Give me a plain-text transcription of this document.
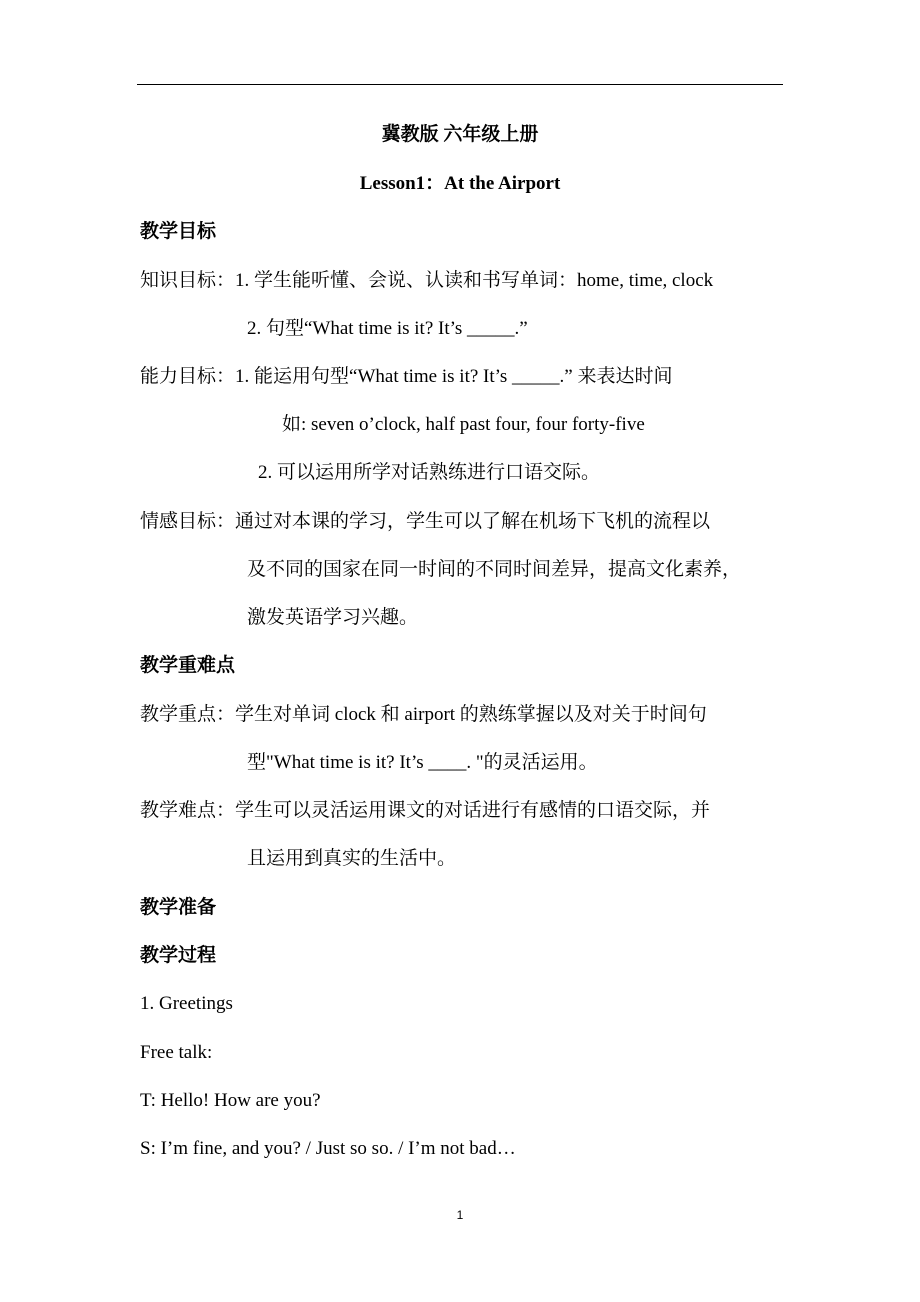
冀教版 六年级上册
Lesson1：At the Airport
教学目标
知识目标：1. 学生能听懂、会说、认读和书写单词：home, time, clock
2. 句型“What time is it? It’s _____.”
能力目标：1. 能运用句型“What time is it? It’s _____.” 来表达时间
如: seven o’clock, half past four, four forty-five
2. 可以运用所学对话熟练进行口语交际。
情感目标：通过对本课的学习，学生可以了解在机场下飞机的流程以
及不同的国家在同一时间的不同时间差异，提高文化素养，
激发英语学习兴趣。
教学重难点
教学重点：学生对单词 clock 和 airport 的熟练掌握以及对关于时间句
型"What time is it? It’s ____. "的灵活运用。
教学难点：学生可以灵活运用课文的对话进行有感情的口语交际，并
且运用到真实的生活中。
教学准备
教学过程
1. Greetings
Free talk:
T: Hello! How are you?
S: I’m fine, and you? / Just so so. / I’m not bad…
1
